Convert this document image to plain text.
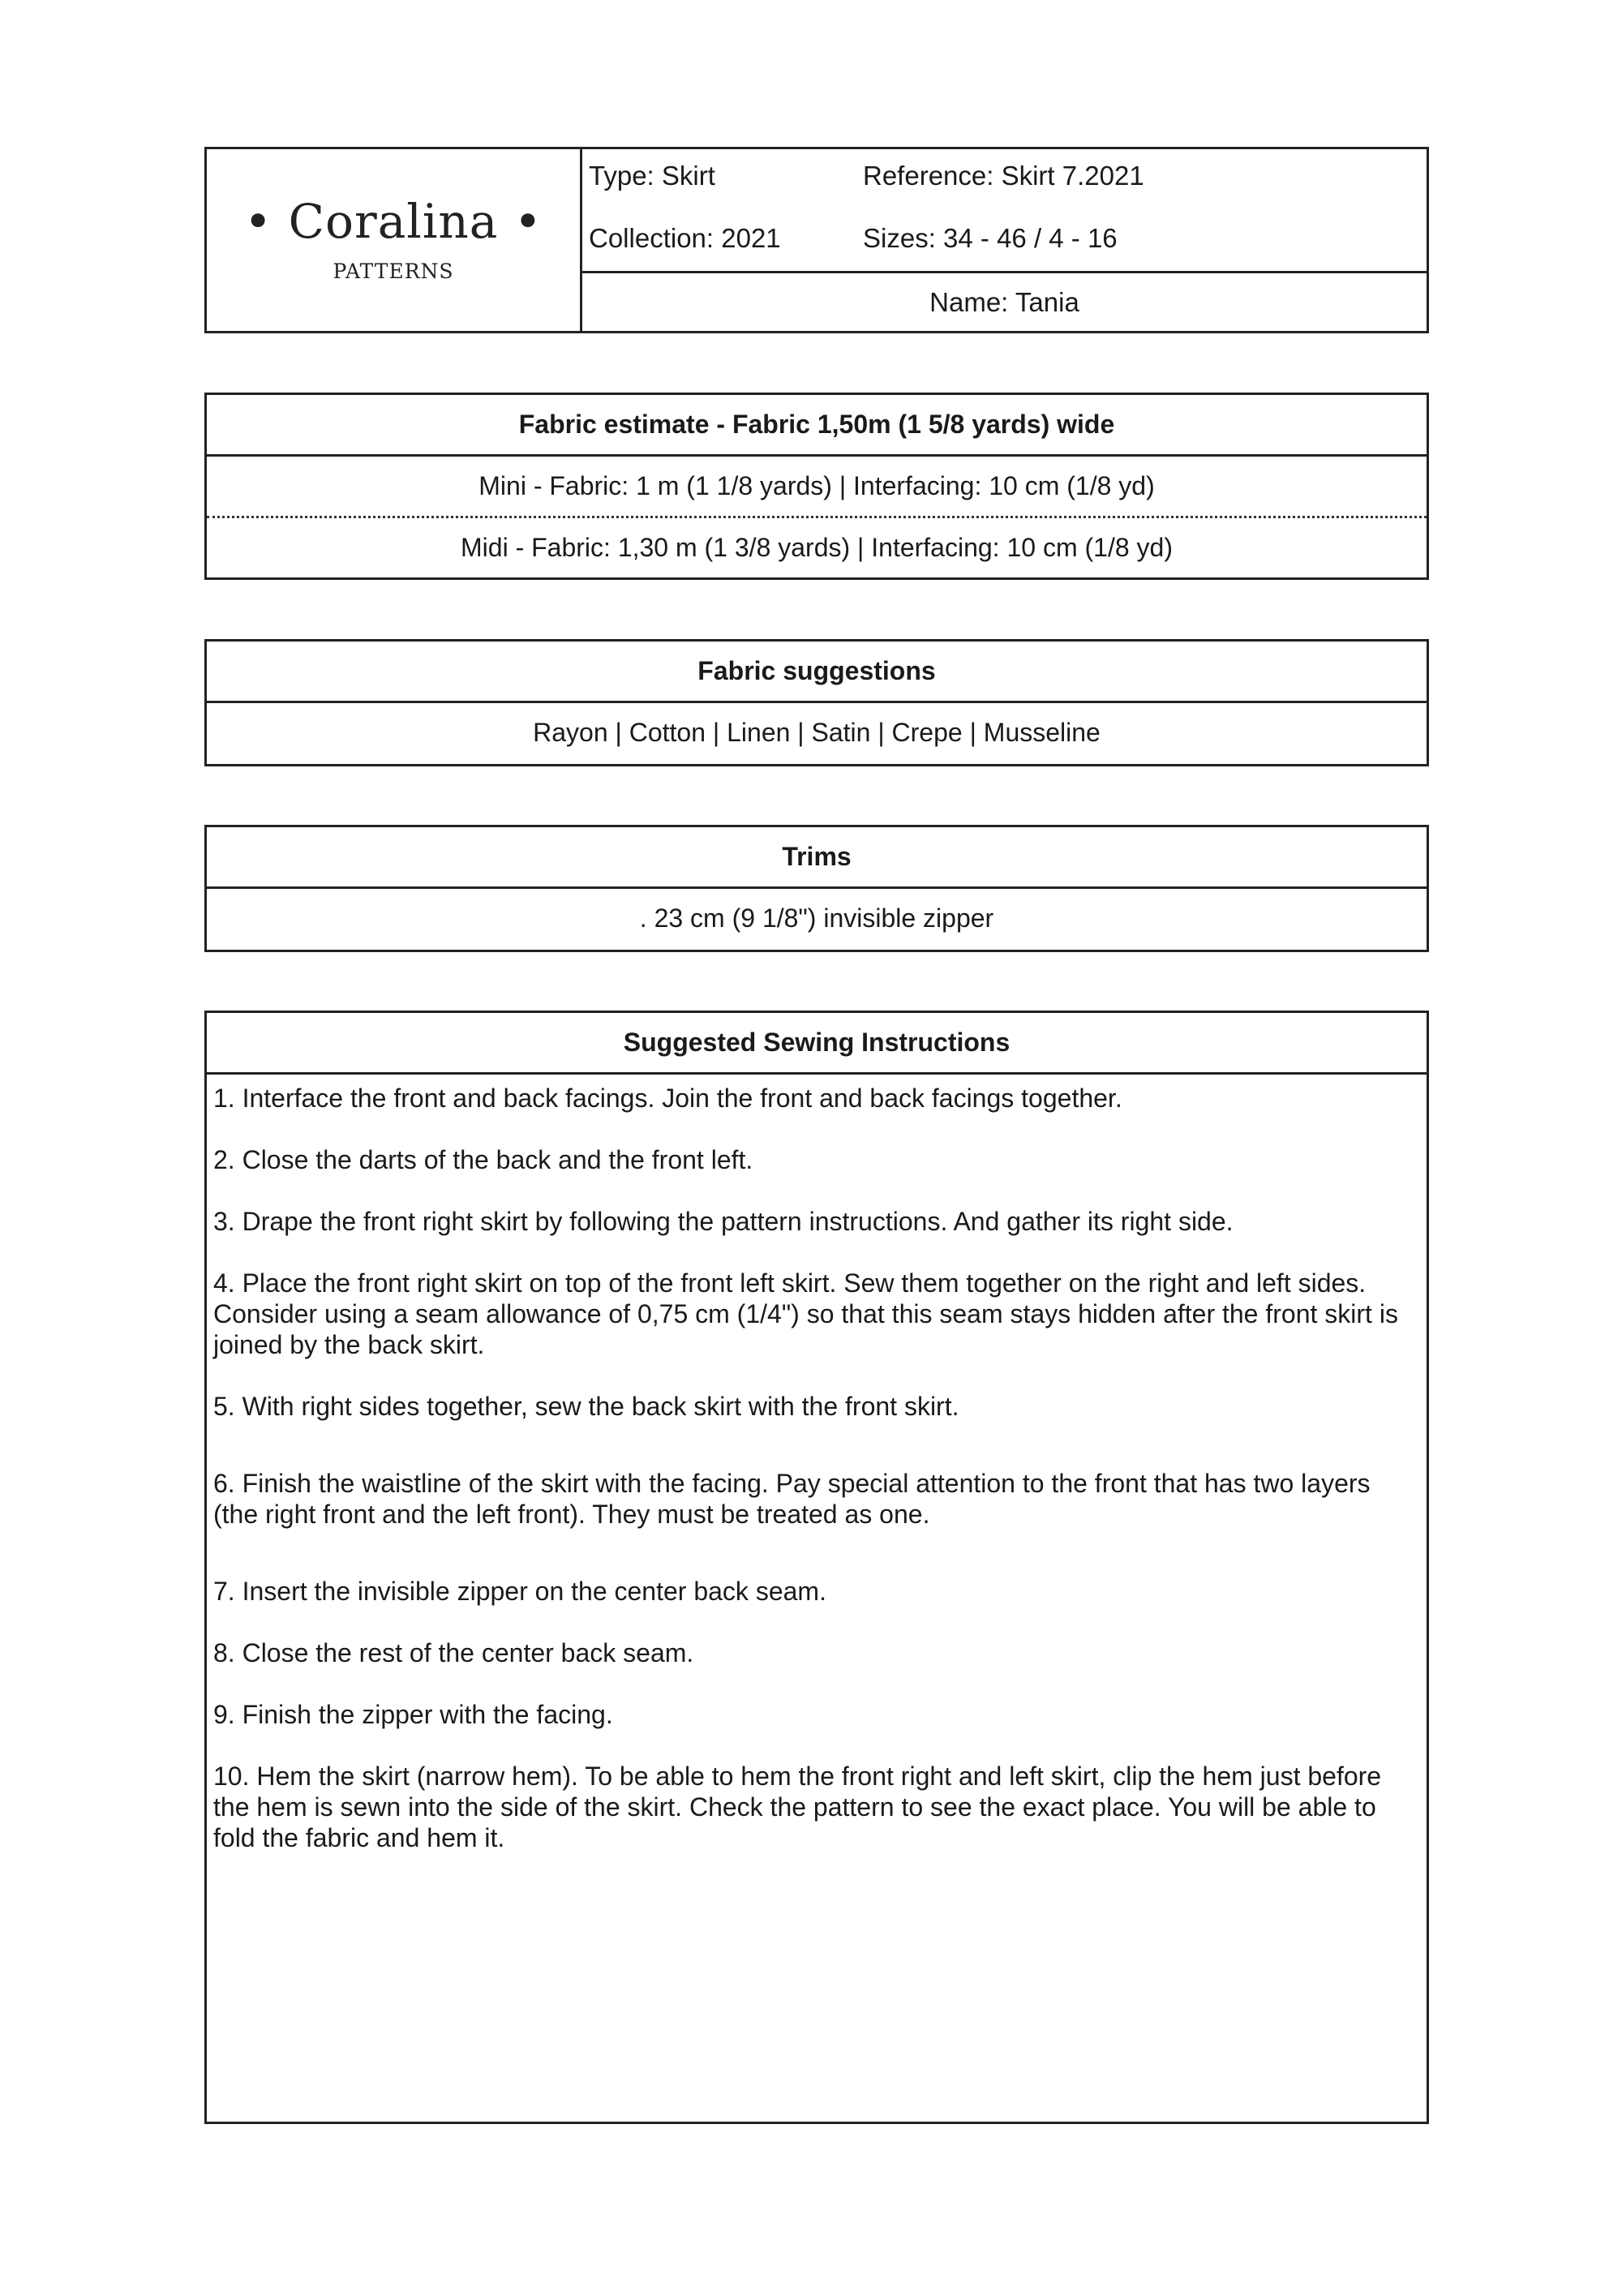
• Coralina •
PATTERNS
Type: Skirt	Reference: Skirt 7.2021
Collection: 2021	Sizes: 34 - 46 / 4 - 16
Name: Tania
Fabric estimate - Fabric 1,50m (1 5/8 yards) wide
Mini - Fabric: 1 m (1 1/8 yards) | Interfacing: 10 cm (1/8 yd)
Midi - Fabric: 1,30 m (1 3/8 yards) | Interfacing: 10 cm (1/8 yd)
Fabric suggestions
Rayon | Cotton | Linen | Satin | Crepe | Musseline
Trims
. 23 cm (9 1/8") invisible zipper
Suggested Sewing Instructions

1. Interface the front and back facings. Join the front and back facings together.

2. Close the darts of the back and the front left.

3. Drape the front right skirt by following the pattern instructions. And gather its right side.

4. Place the front right skirt on top of the front left skirt. Sew them together on the right and left sides. Consider using a seam allowance of 0,75 cm (1/4") so that this seam stays hidden after the front skirt is joined by the back skirt.

5. With right sides together, sew the back skirt with the front skirt.

6. Finish the waistline of the skirt with the facing. Pay special attention to the front that has two layers (the right front and the left front). They must be treated as one.

7. Insert the invisible zipper on the center back seam.

8. Close the rest of the center back seam.

9. Finish the zipper with the facing.

10. Hem the skirt (narrow hem). To be able to hem the front right and left skirt, clip the hem just before the hem is sewn into the side of the skirt. Check the pattern to see the exact place. You will be able to fold the fabric and hem it.
